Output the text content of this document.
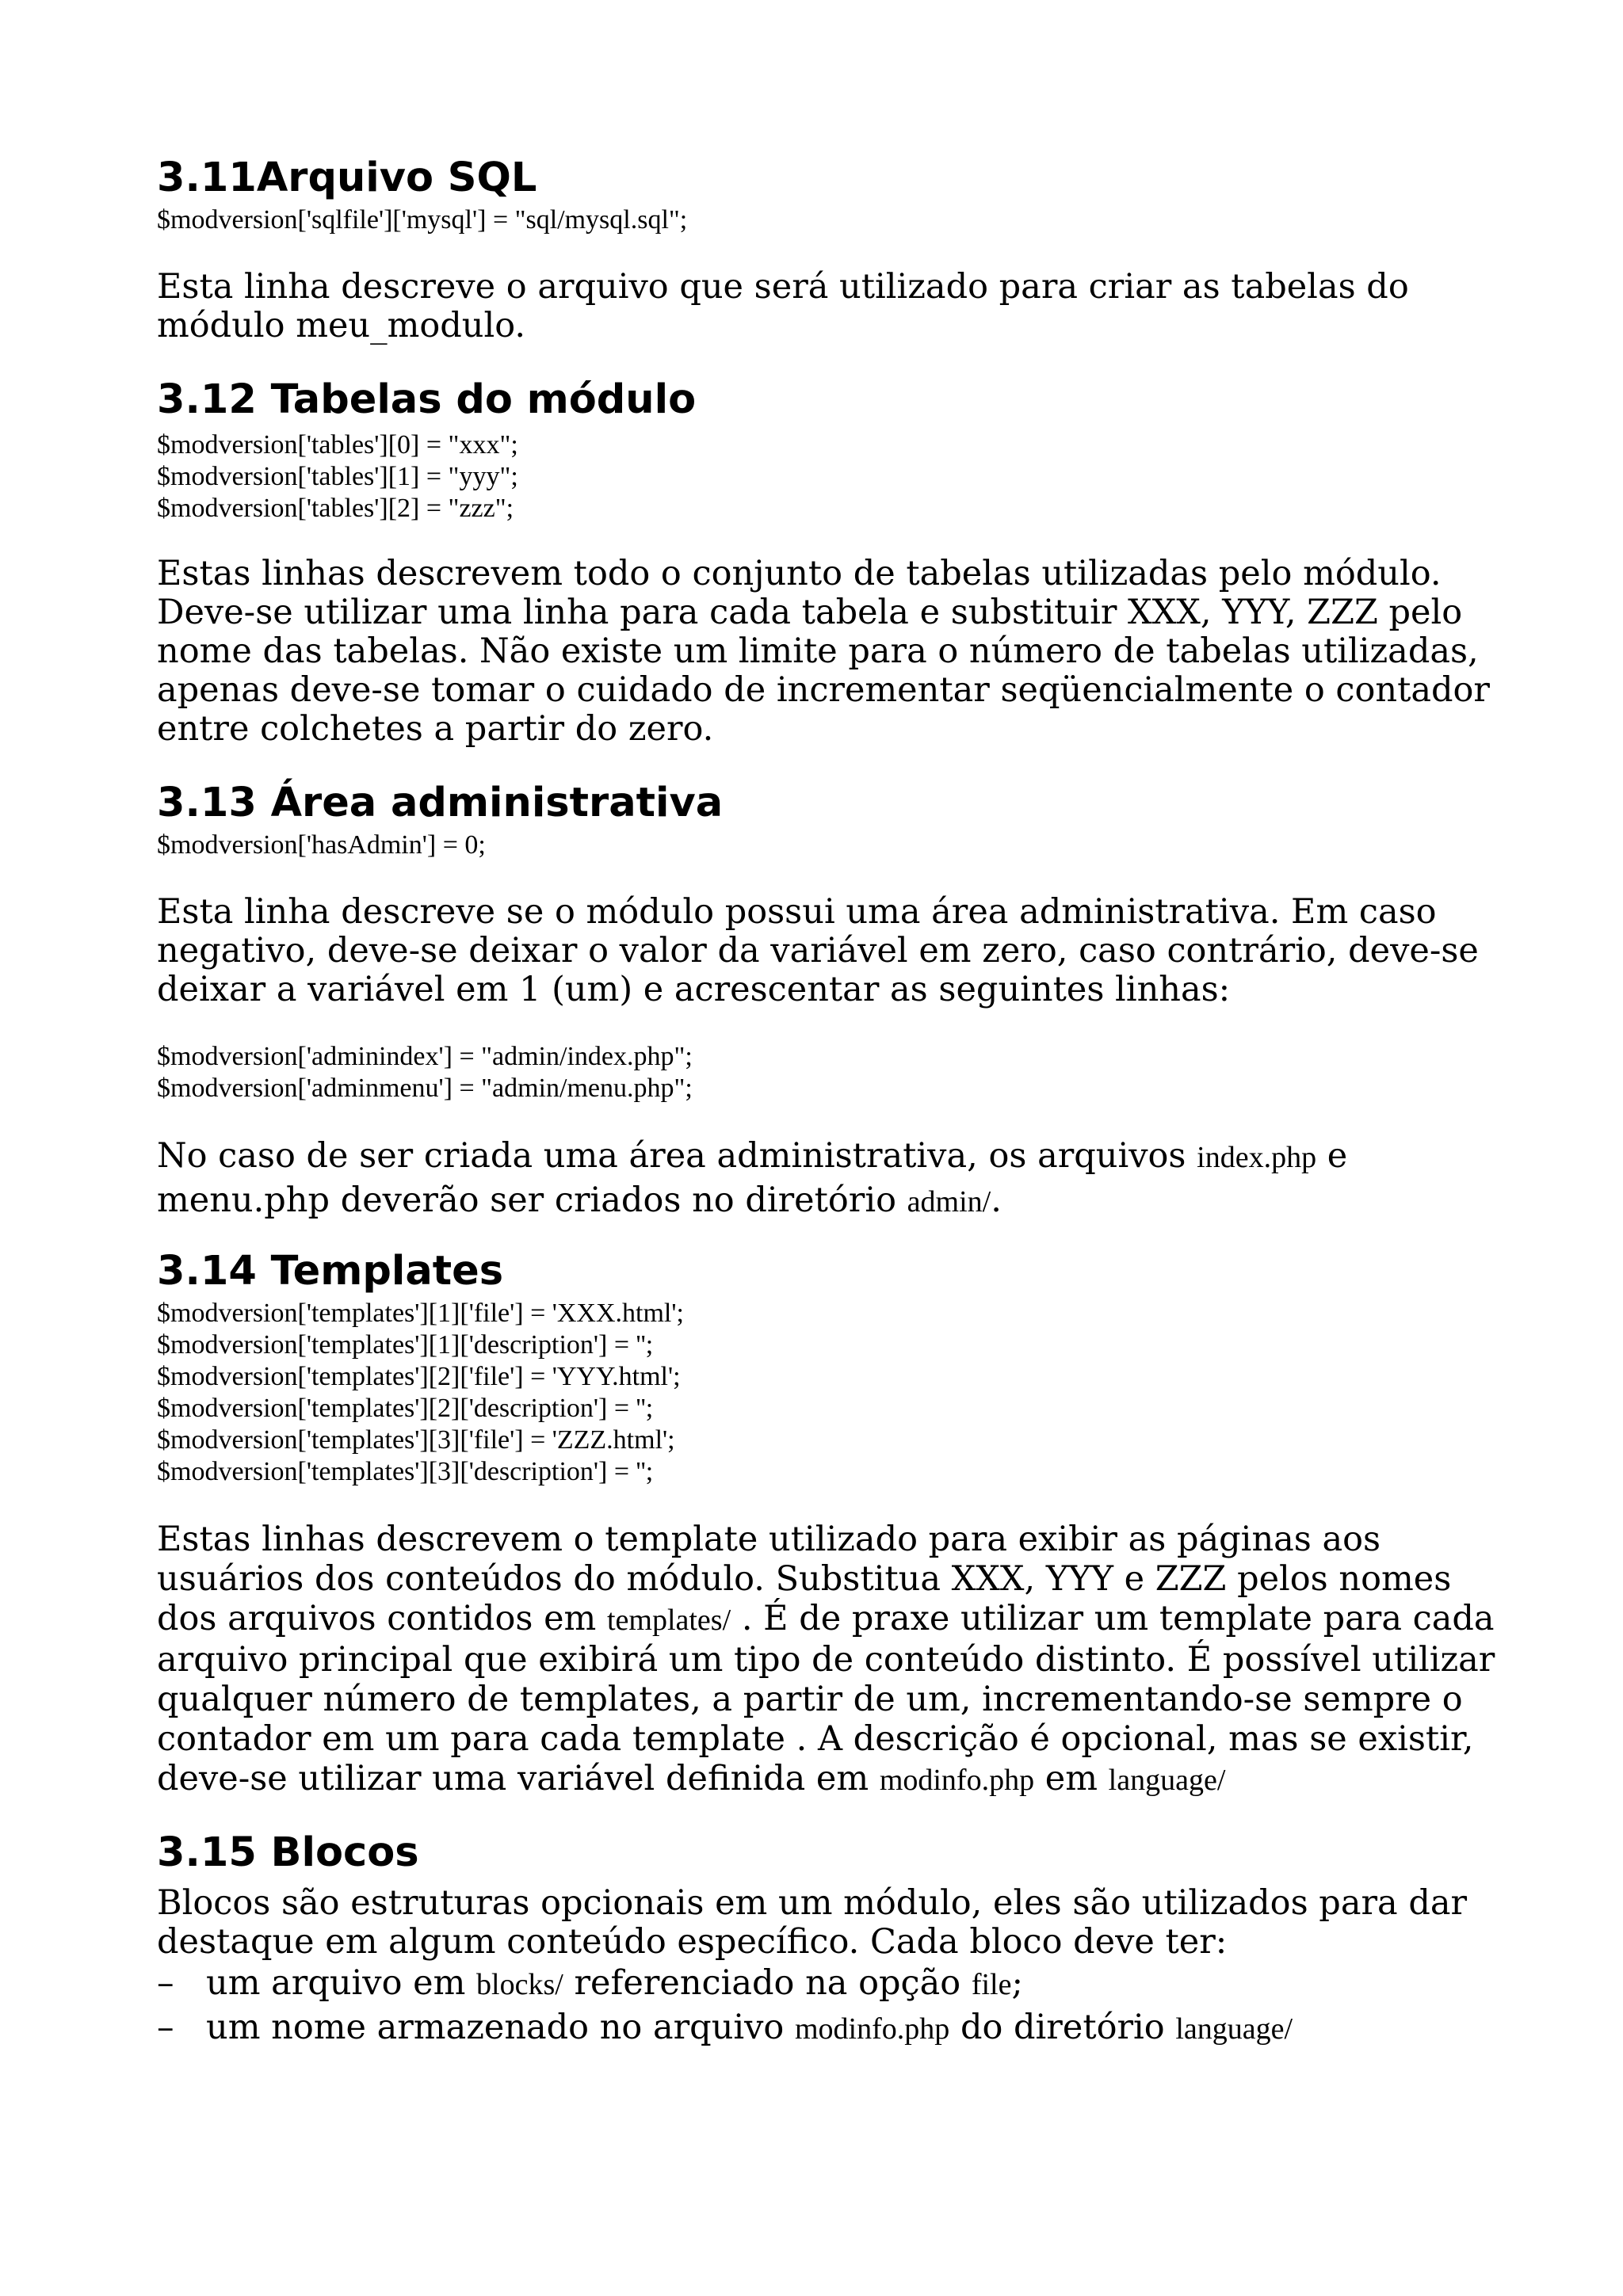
3.11Arquivo SQL

$modversion['sqlfile']['mysql'] = "sql/mysql.sql";

Esta linha descreve o arquivo que será utilizado para criar as tabelas do módulo meu_modulo.

3.12 Tabelas do módulo

$modversion['tables'][0] = "xxx";

$modversion['tables'][1] = "yyy";

$modversion['tables'][2] = "zzz";

Estas linhas descrevem todo o conjunto de tabelas utilizadas pelo módulo. Deve-se utilizar uma linha para cada tabela e substituir XXX, YYY, ZZZ pelo nome das tabelas. Não existe um limite para o número de tabelas utilizadas, apenas deve-se tomar o cuidado de incrementar seqüencialmente o contador entre colchetes a partir do zero.

3.13 Área administrativa

$modversion['hasAdmin'] = 0;

Esta linha descreve se o módulo possui uma área administrativa. Em caso negativo, deve-se deixar o valor da variável em zero, caso contrário, deve-se deixar a variável em 1 (um) e acrescentar as seguintes linhas:

$modversion['adminindex'] = "admin/index.php";

$modversion['adminmenu'] = "admin/menu.php";

No caso de ser criada uma área administrativa, os arquivos index.php e menu.php deverão ser criados no diretório admin/.

3.14 Templates

$modversion['templates'][1]['file'] = 'XXX.html';

$modversion['templates'][1]['description'] = '';

$modversion['templates'][2]['file'] = 'YYY.html';

$modversion['templates'][2]['description'] = '';

$modversion['templates'][3]['file'] = 'ZZZ.html';

$modversion['templates'][3]['description'] = '';

Estas linhas descrevem o template utilizado para exibir as páginas aos usuários dos conteúdos do módulo. Substitua XXX, YYY e ZZZ pelos nomes dos arquivos contidos em templates/ . É de praxe utilizar um template para cada arquivo principal que exibirá um tipo de conteúdo distinto. É possível utilizar qualquer número de templates, a partir de um, incrementando-se sempre o contador em um para cada template . A descrição é opcional, mas se existir, deve-se utilizar uma variável definida em modinfo.php em language/

3.15 Blocos

Blocos são estruturas opcionais em um módulo, eles são utilizados para dar destaque em algum conteúdo específico. Cada bloco deve ter:

– um arquivo em blocks/ referenciado na opção file;
– um nome armazenado no arquivo modinfo.php do diretório language/
